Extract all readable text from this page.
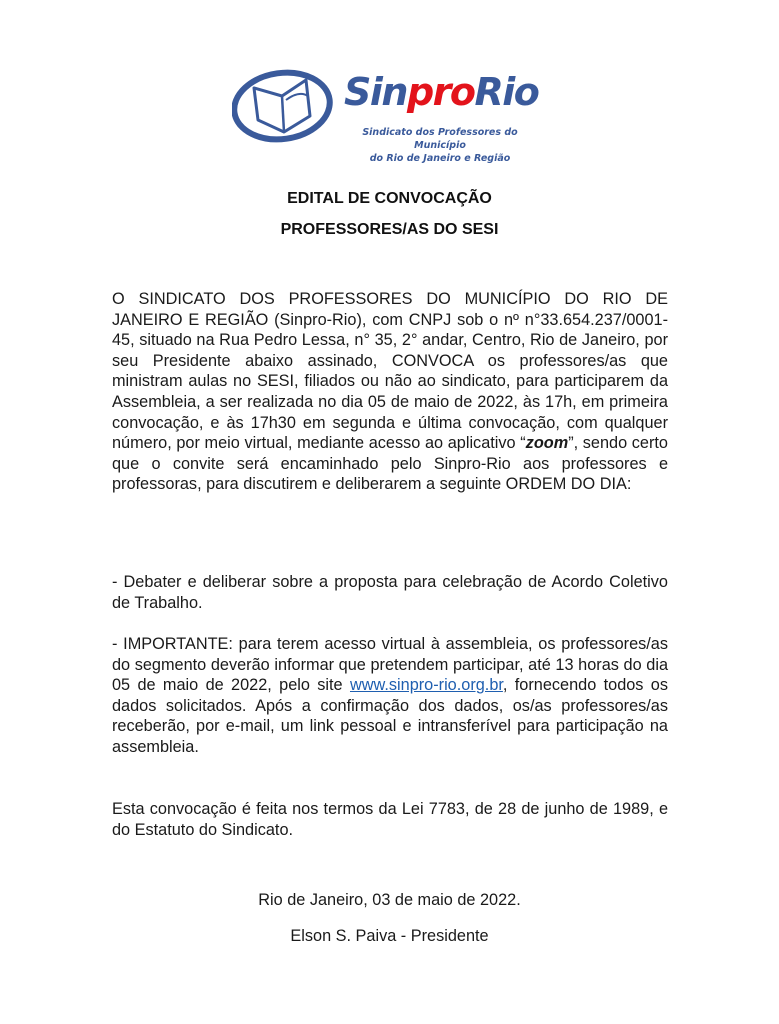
SinproRio
Sindicato dos Professores do Município
do Rio de Janeiro e Região
EDITAL DE CONVOCAÇÃO
PROFESSORES/AS DO SESI
O SINDICATO DOS PROFESSORES DO MUNICÍPIO DO RIO DE JANEIRO E REGIÃO (Sinpro-Rio), com CNPJ sob o nº n°33.654.237/0001-45, situado na Rua Pedro Lessa, n° 35, 2° andar, Centro, Rio de Janeiro, por seu Presidente abaixo assinado, CONVOCA os professores/as que ministram aulas no SESI, filiados ou não ao sindicato, para participarem da Assembleia, a ser realizada no dia 05 de maio de 2022, às 17h, em primeira convocação, e às 17h30 em segunda e última convocação, com qualquer número, por meio virtual, mediante acesso ao aplicativo “zoom”, sendo certo que o convite será encaminhado pelo Sinpro-Rio aos professores e professoras, para discutirem e deliberarem a seguinte ORDEM DO DIA:
- Debater e deliberar sobre a proposta para celebração de Acordo Coletivo de Trabalho.
- IMPORTANTE: para terem acesso virtual à assembleia, os professores/as do segmento deverão informar que pretendem participar, até 13 horas do dia 05 de maio de 2022, pelo site www.sinpro-rio.org.br, fornecendo todos os dados solicitados. Após a confirmação dos dados, os/as professores/as receberão, por e-mail, um link pessoal e intransferível para participação na assembleia.
Esta convocação é feita nos termos da Lei 7783, de 28 de junho de 1989, e do Estatuto do Sindicato.
Rio de Janeiro, 03 de maio de 2022.
Elson S. Paiva - Presidente
